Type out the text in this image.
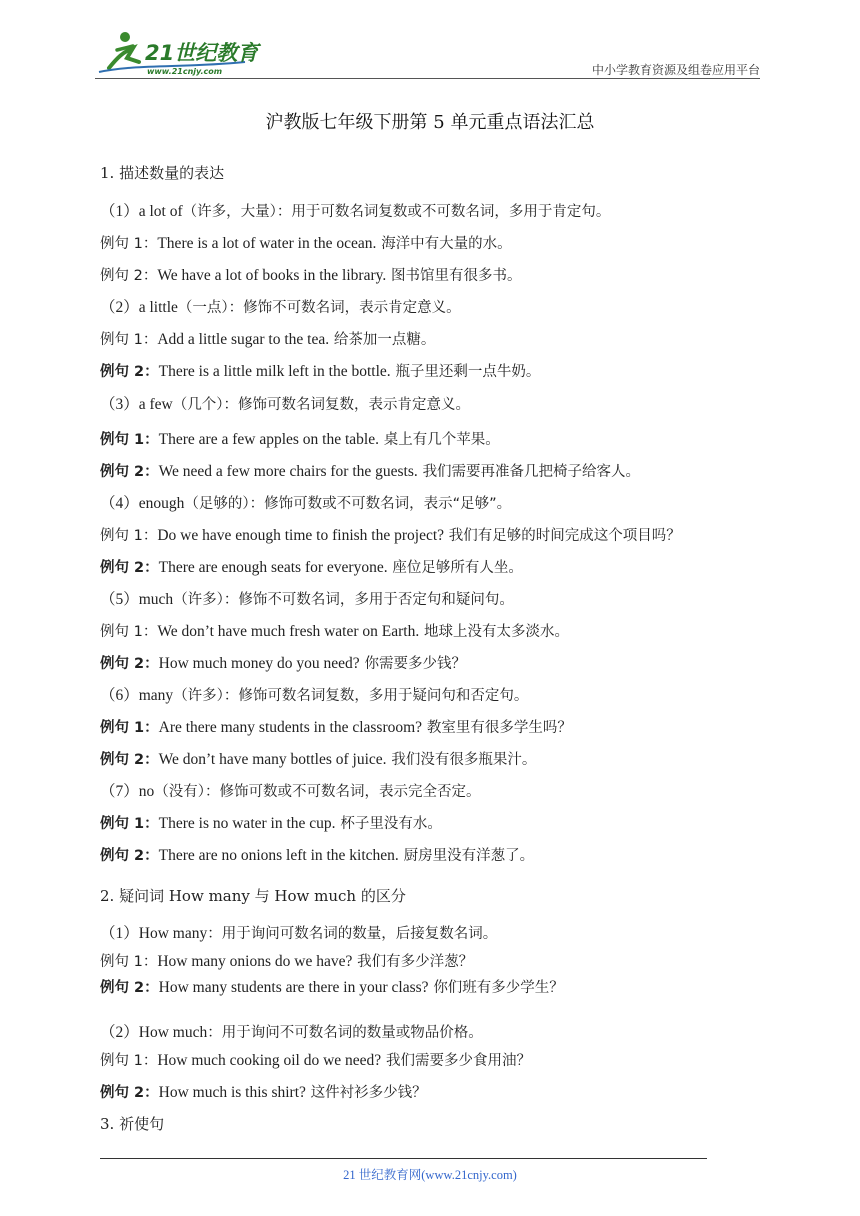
21世纪教育
www.21cnjy.com	中小学教育资源及组卷应用平台
沪教版七年级下册第 5 单元重点语法汇总
1. 描述数量的表达
（1）a lot of（许多，大量）：用于可数名词复数或不可数名词，多用于肯定句。
例句 1：There is a lot of water in the ocean. 海洋中有大量的水。
例句 2：We have a lot of books in the library. 图书馆里有很多书。
（2）a little（一点）：修饰不可数名词，表示肯定意义。
例句 1：Add a little sugar to the tea. 给茶加一点糖。
例句 2：There is a little milk left in the bottle. 瓶子里还剩一点牛奶。
（3）a few（几个）：修饰可数名词复数，表示肯定意义。
例句 1：There are a few apples on the table. 桌上有几个苹果。
例句 2：We need a few more chairs for the guests. 我们需要再准备几把椅子给客人。
（4）enough（足够的）：修饰可数或不可数名词，表示“足够”。
例句 1：Do we have enough time to finish the project? 我们有足够的时间完成这个项目吗？
例句 2：There are enough seats for everyone. 座位足够所有人坐。
（5）much（许多）：修饰不可数名词，多用于否定句和疑问句。
例句 1：We don’t have much fresh water on Earth. 地球上没有太多淡水。
例句 2：How much money do you need? 你需要多少钱？
（6）many（许多）：修饰可数名词复数，多用于疑问句和否定句。
例句 1：Are there many students in the classroom? 教室里有很多学生吗？
例句 2：We don’t have many bottles of juice. 我们没有很多瓶果汁。
（7）no（没有）：修饰可数或不可数名词，表示完全否定。
例句 1：There is no water in the cup. 杯子里没有水。
例句 2：There are no onions left in the kitchen. 厨房里没有洋葱了。
2. 疑问词 How many 与 How much 的区分
（1）How many：用于询问可数名词的数量，后接复数名词。
例句 1：How many onions do we have? 我们有多少洋葱？
例句 2：How many students are there in your class? 你们班有多少学生？
（2）How much：用于询问不可数名词的数量或物品价格。
例句 1：How much cooking oil do we need? 我们需要多少食用油？
例句 2：How much is this shirt? 这件衬衫多少钱？
3. 祈使句
21 世纪教育网(www.21cnjy.com)
